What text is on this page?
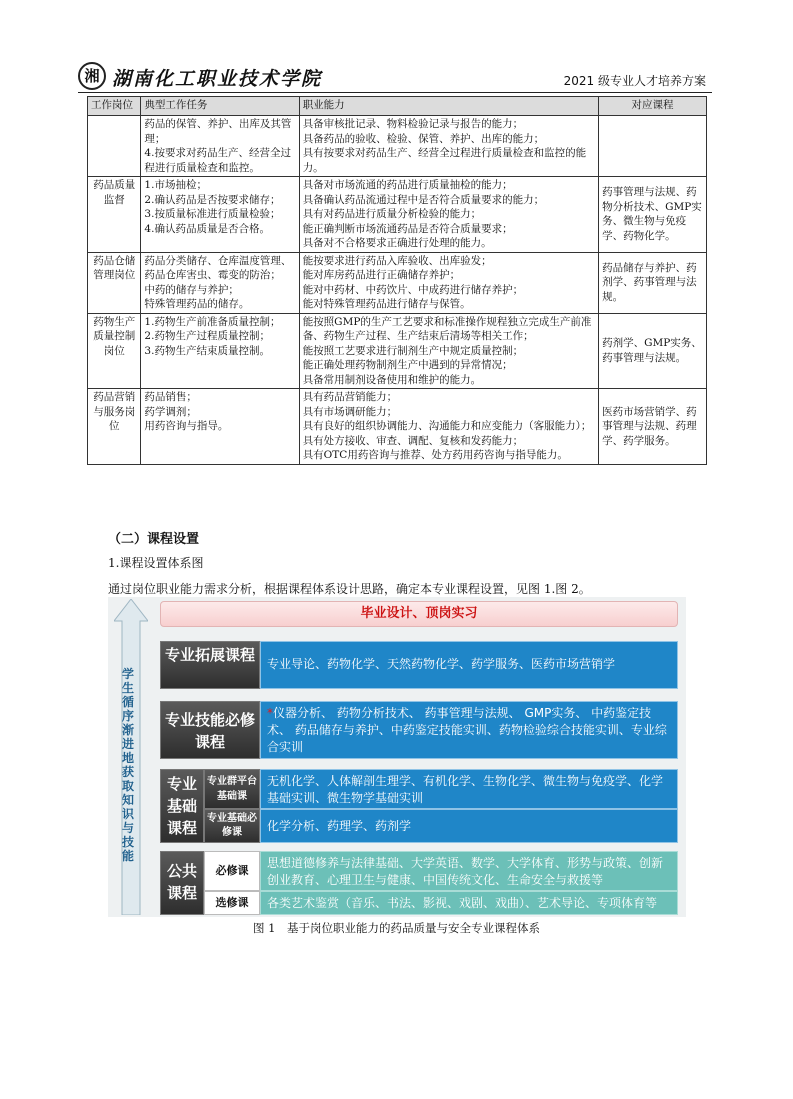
湘 湖南化工职业技术学院	2021 级专业人才培养方案
工作岗位	典型工作任务	职业能力	对应课程

	药品的保管、养护、出库及其管理；
4.按要求对药品生产、经营全过程进行质量检查和监控。	具备审核批记录、物料检验记录与报告的能力；
具备药品的验收、检验、保管、养护、出库的能力；
具有按要求对药品生产、经营全过程进行质量检查和监控的能力。	

药品质量监督	1.市场抽检；
2.确认药品是否按要求储存；
3.按质量标准进行质量检验；
4.确认药品质量是否合格。	具备对市场流通的药品进行质量抽检的能力；
具备确认药品流通过程中是否符合质量要求的能力；
具有对药品进行质量分析检验的能力；
能正确判断市场流通药品是否符合质量要求；
具备对不合格要求正确进行处理的能力。	药事管理与法规、药物分析技术、GMP实务、微生物与免疫学、药物化学。
药品仓储管理岗位	药品分类储存、仓库温度管理、药品仓库害虫、霉变的防治；
中药的储存与养护；
特殊管理药品的储存。	能按要求进行药品入库验收、出库验发；
能对库房药品进行正确储存养护；
能对中药材、中药饮片、中成药进行储存养护；
能对特殊管理药品进行储存与保管。	药品储存与养护、药剂学、药事管理与法规。
药物生产质量控制岗位	1.药物生产前准备质量控制；
2.药物生产过程质量控制；
3.药物生产结束质量控制。	能按照GMP的生产工艺要求和标准操作规程独立完成生产前准备、药物生产过程、生产结束后清场等相关工作；
能按照工艺要求进行制剂生产中规定质量控制；
能正确处理药物制剂生产中遇到的异常情况；
具备常用制剂设备使用和维护的能力。	药剂学、GMP实务、药事管理与法规。
药品营销与服务岗位	药品销售；
药学调剂；
用药咨询与指导。	具有药品营销能力；
具有市场调研能力；
具有良好的组织协调能力、沟通能力和应变能力（客服能力）；
具有处方接收、审查、调配、复核和发药能力；
具有OTC用药咨询与推荐、处方药用药咨询与指导能力。	医药市场营销学、药事管理与法规、药理学、药学服务。
（二）课程设置
1.课程设置体系图
通过岗位职业能力需求分析，根据课程体系设计思路，确定本专业课程设置，见图 1.图 2。
学生循序渐进地获取知识与技能
毕业设计、顶岗实习
专业拓展课程	专业导论、药物化学、天然药物化学、药学服务、医药市场营销学
专业技能必修课程
*仪器分析、 药物分析技术、 药事管理与法规、 GMP实务、 中药鉴定技术、 药品储存与养护、中药鉴定技能实训、药物检验综合技能实训、专业综合实训
专业基础课程
专业群平台基础课
无机化学、人体解剖生理学、有机化学、生物化学、微生物与免疫学、化学基础实训、微生物学基础实训
专业基础必修课	化学分析、药理学、药剂学
公共课程
必修课
思想道德修养与法律基础、大学英语、数学、大学体育、形势与政策、创新创业教育、心理卫生与健康、中国传统文化、生命安全与救援等
选修课	各类艺术鉴赏（音乐、书法、影视、戏剧、戏曲）、艺术导论、专项体育等
图 1　基于岗位职业能力的药品质量与安全专业课程体系
